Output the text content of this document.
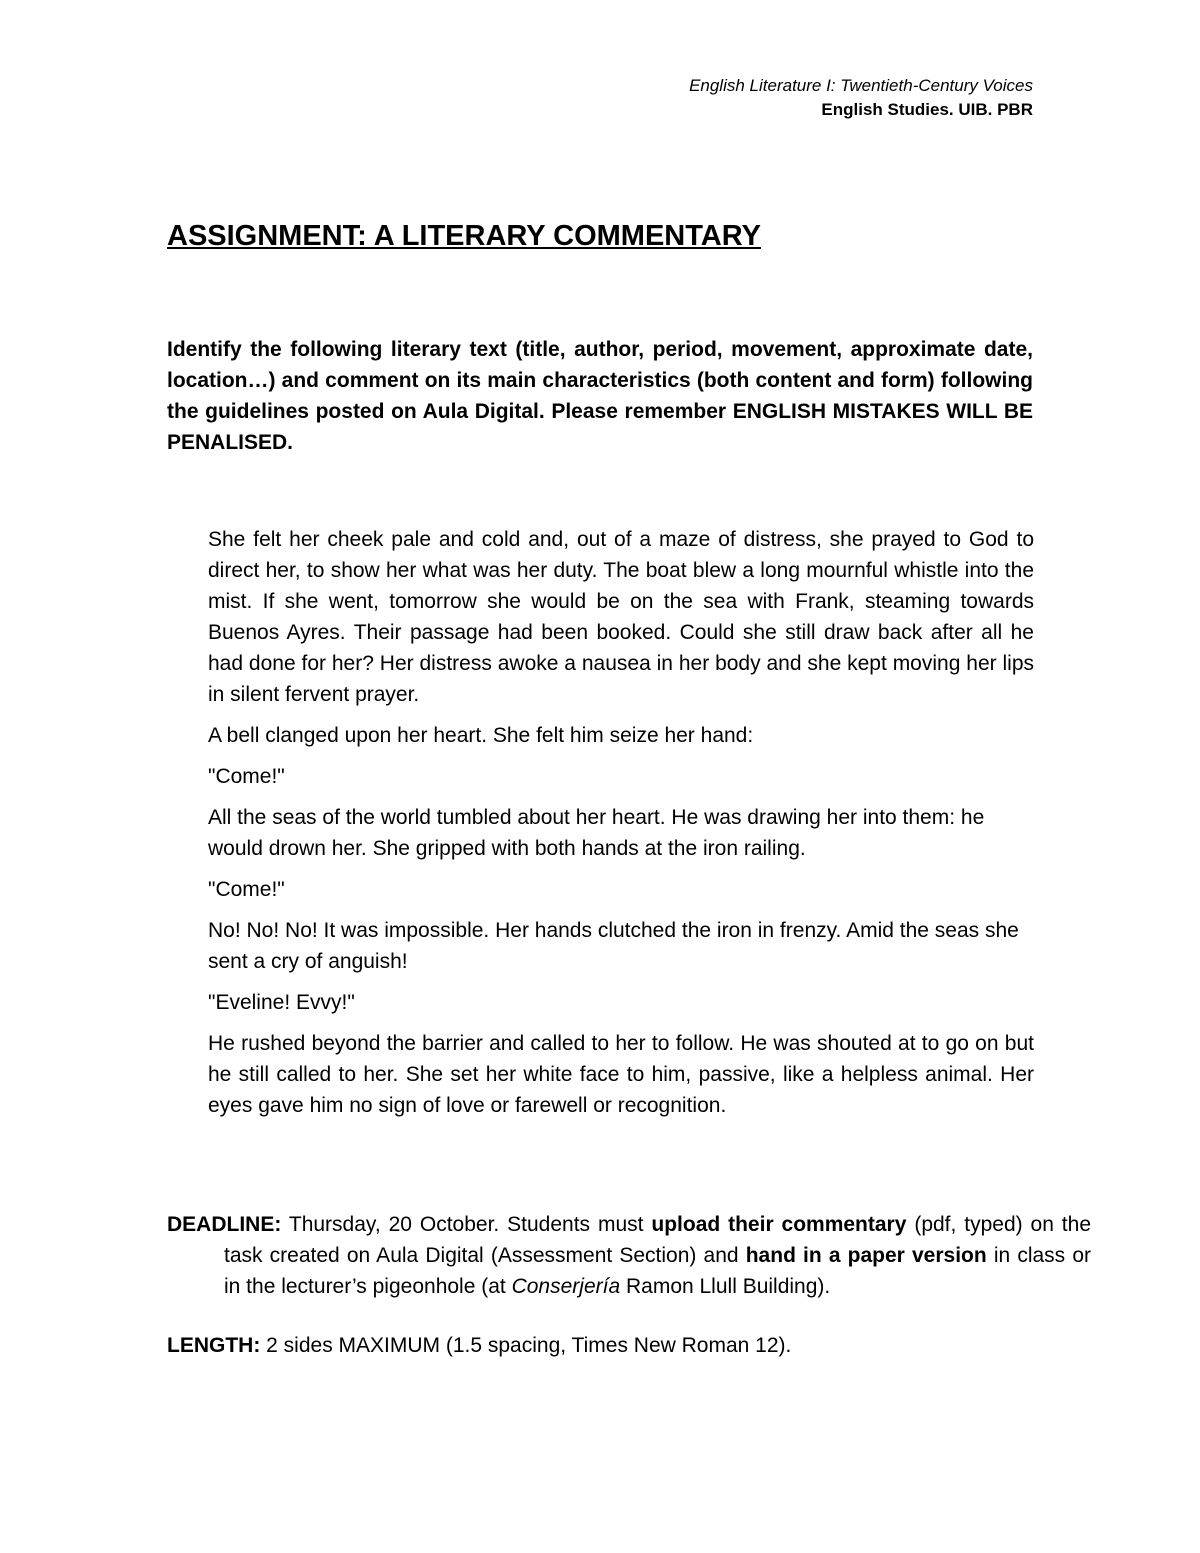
English Literature I: Twentieth-Century Voices
English Studies. UIB. PBR
ASSIGNMENT: A LITERARY COMMENTARY

Identify the following literary text (title, author, period, movement, approximate date, location…) and comment on its main characteristics (both content and form) following the guidelines posted on Aula Digital. Please remember ENGLISH MISTAKES WILL BE PENALISED.

She felt her cheek pale and cold and, out of a maze of distress, she prayed to God to direct her, to show her what was her duty. The boat blew a long mournful whistle into the mist. If she went, tomorrow she would be on the sea with Frank, steaming towards Buenos Ayres. Their passage had been booked. Could she still draw back after all he had done for her? Her distress awoke a nausea in her body and she kept moving her lips in silent fervent prayer.

A bell clanged upon her heart. She felt him seize her hand:

"Come!"

All the seas of the world tumbled about her heart. He was drawing her into them: he would drown her. She gripped with both hands at the iron railing.

"Come!"

No! No! No! It was impossible. Her hands clutched the iron in frenzy. Amid the seas she sent a cry of anguish!

"Eveline! Evvy!"

He rushed beyond the barrier and called to her to follow. He was shouted at to go on but he still called to her. She set her white face to him, passive, like a helpless animal. Her eyes gave him no sign of love or farewell or recognition.

DEADLINE: Thursday, 20 October. Students must upload their commentary (pdf, typed) on the task created on Aula Digital (Assessment Section) and hand in a paper version in class or in the lecturer’s pigeonhole (at Conserjería Ramon Llull Building).

LENGTH: 2 sides MAXIMUM (1.5 spacing, Times New Roman 12).
